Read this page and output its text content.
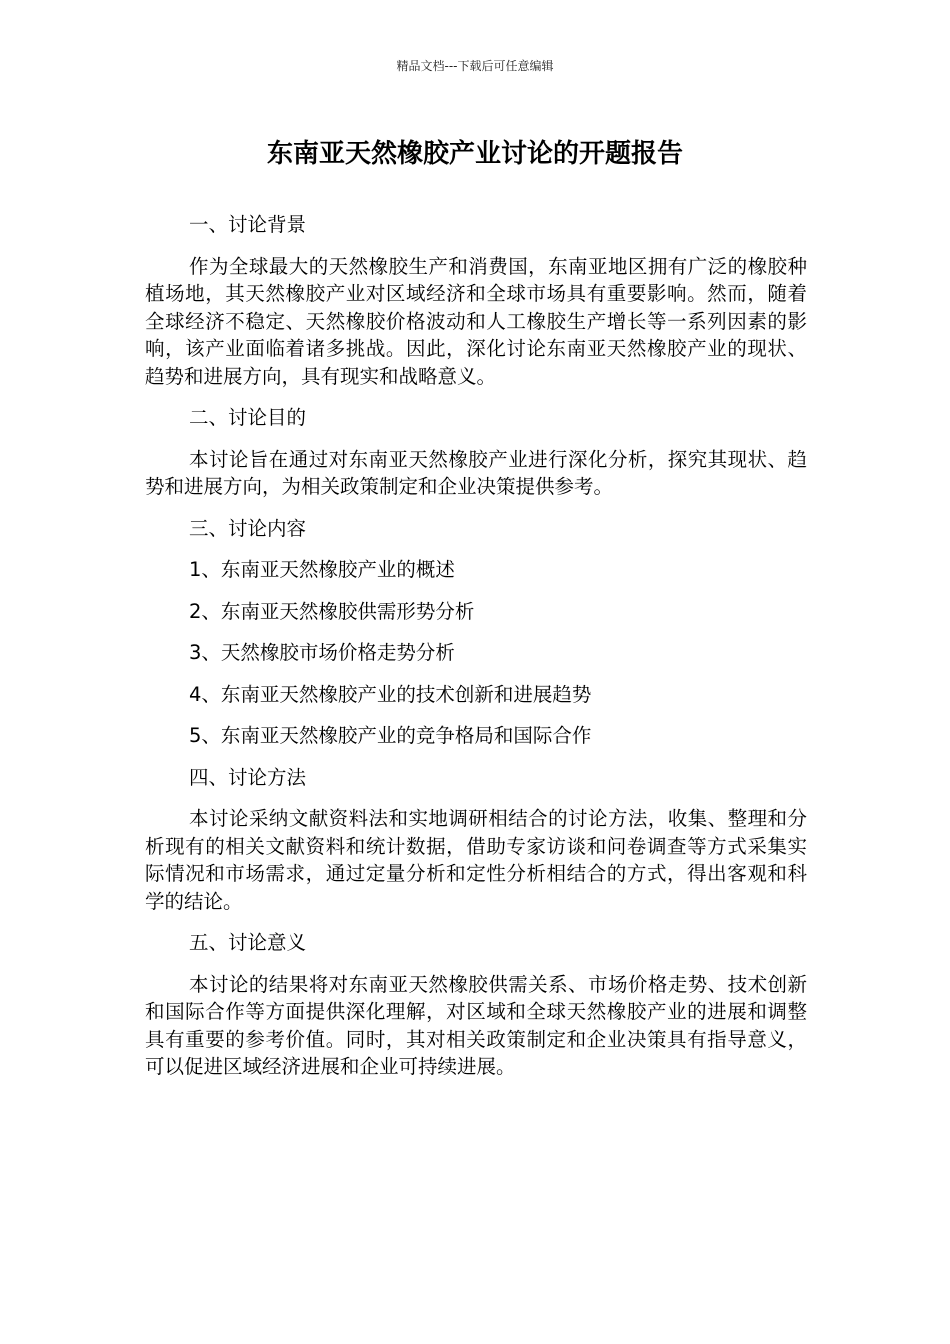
精品文档---下载后可任意编辑
东南亚天然橡胶产业讨论的开题报告

一、讨论背景

作为全球最大的天然橡胶生产和消费国，东南亚地区拥有广泛的橡胶种植场地，其天然橡胶产业对区域经济和全球市场具有重要影响。然而，随着全球经济不稳定、天然橡胶价格波动和人工橡胶生产增长等一系列因素的影响，该产业面临着诸多挑战。因此，深化讨论东南亚天然橡胶产业的现状、趋势和进展方向，具有现实和战略意义。

二、讨论目的

本讨论旨在通过对东南亚天然橡胶产业进行深化分析，探究其现状、趋势和进展方向，为相关政策制定和企业决策提供参考。

三、讨论内容

1、东南亚天然橡胶产业的概述

2、东南亚天然橡胶供需形势分析

3、天然橡胶市场价格走势分析

4、东南亚天然橡胶产业的技术创新和进展趋势

5、东南亚天然橡胶产业的竞争格局和国际合作

四、讨论方法

本讨论采纳文献资料法和实地调研相结合的讨论方法，收集、整理和分析现有的相关文献资料和统计数据，借助专家访谈和问卷调查等方式采集实际情况和市场需求，通过定量分析和定性分析相结合的方式，得出客观和科学的结论。

五、讨论意义

本讨论的结果将对东南亚天然橡胶供需关系、市场价格走势、技术创新和国际合作等方面提供深化理解，对区域和全球天然橡胶产业的进展和调整具有重要的参考价值。同时，其对相关政策制定和企业决策具有指导意义，可以促进区域经济进展和企业可持续进展。
